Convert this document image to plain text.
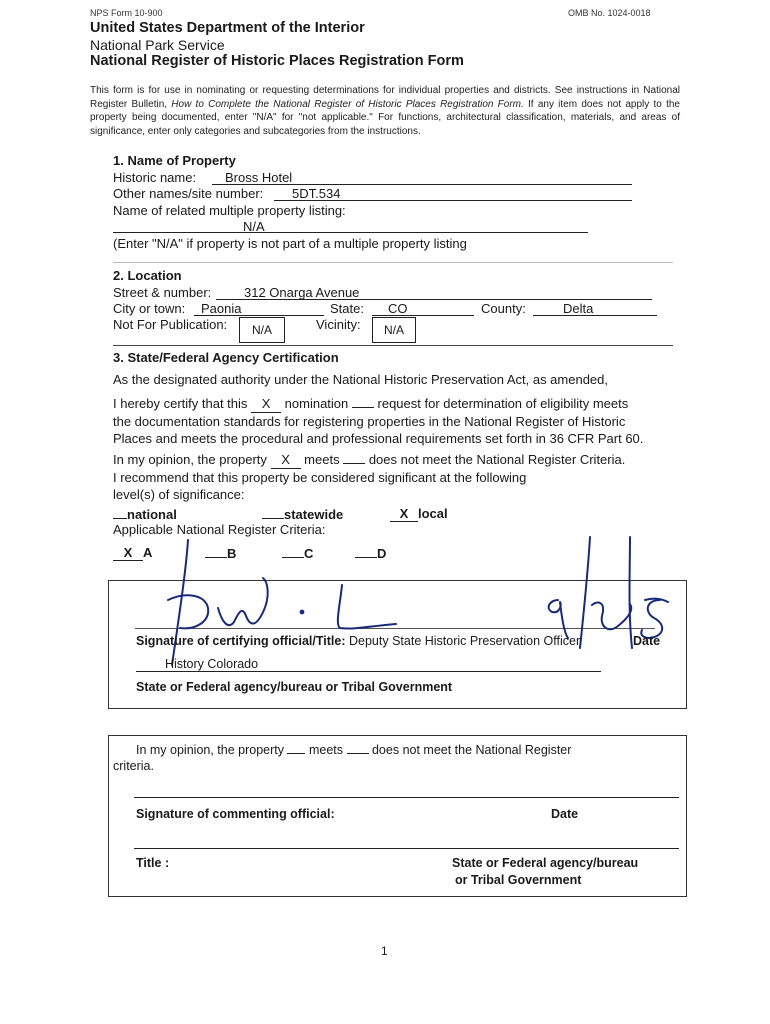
NPS Form 10-900	OMB No. 1024-0018
United States Department of the Interior
National Park Service
National Register of Historic Places Registration Form
This form is for use in nominating or requesting determinations for individual properties and districts. See instructions in National Register Bulletin, How to Complete the National Register of Historic Places Registration Form. If any item does not apply to the property being documented, enter "N/A" for "not applicable." For functions, architectural classification, materials, and areas of significance, enter only categories and subcategories from the instructions.
1. Name of Property
Historic name: Bross Hotel
Other names/site number: 5DT.534
Name of related multiple property listing:
N/A
(Enter "N/A" if property is not part of a multiple property listing
2. Location
Street & number:	312 Onarga Avenue
City or town: Paonia	State: CO	County:	Delta
Not For Publication:	N/A	Vicinity:	N/A
3. State/Federal Agency Certification
As the designated authority under the National Historic Preservation Act, as amended,
I hereby certify that this X nomination request for determination of eligibility meets
the documentation standards for registering properties in the National Register of Historic
Places and meets the procedural and professional requirements set forth in 36 CFR Part 60.
In my opinion, the property X meets does not meet the National Register Criteria.
I recommend that this property be considered significant at the following
level(s) of significance:
national	statewide	X local
Applicable National Register Criteria:
X A	B	C	D
Signature of certifying official/Title: Deputy State Historic Preservation Officer	Date
History Colorado
State or Federal agency/bureau or Tribal Government
In my opinion, the property meets does not meet the National Register
criteria.
Signature of commenting official:	Date
Title :	State or Federal agency/bureau
or Tribal Government
1
